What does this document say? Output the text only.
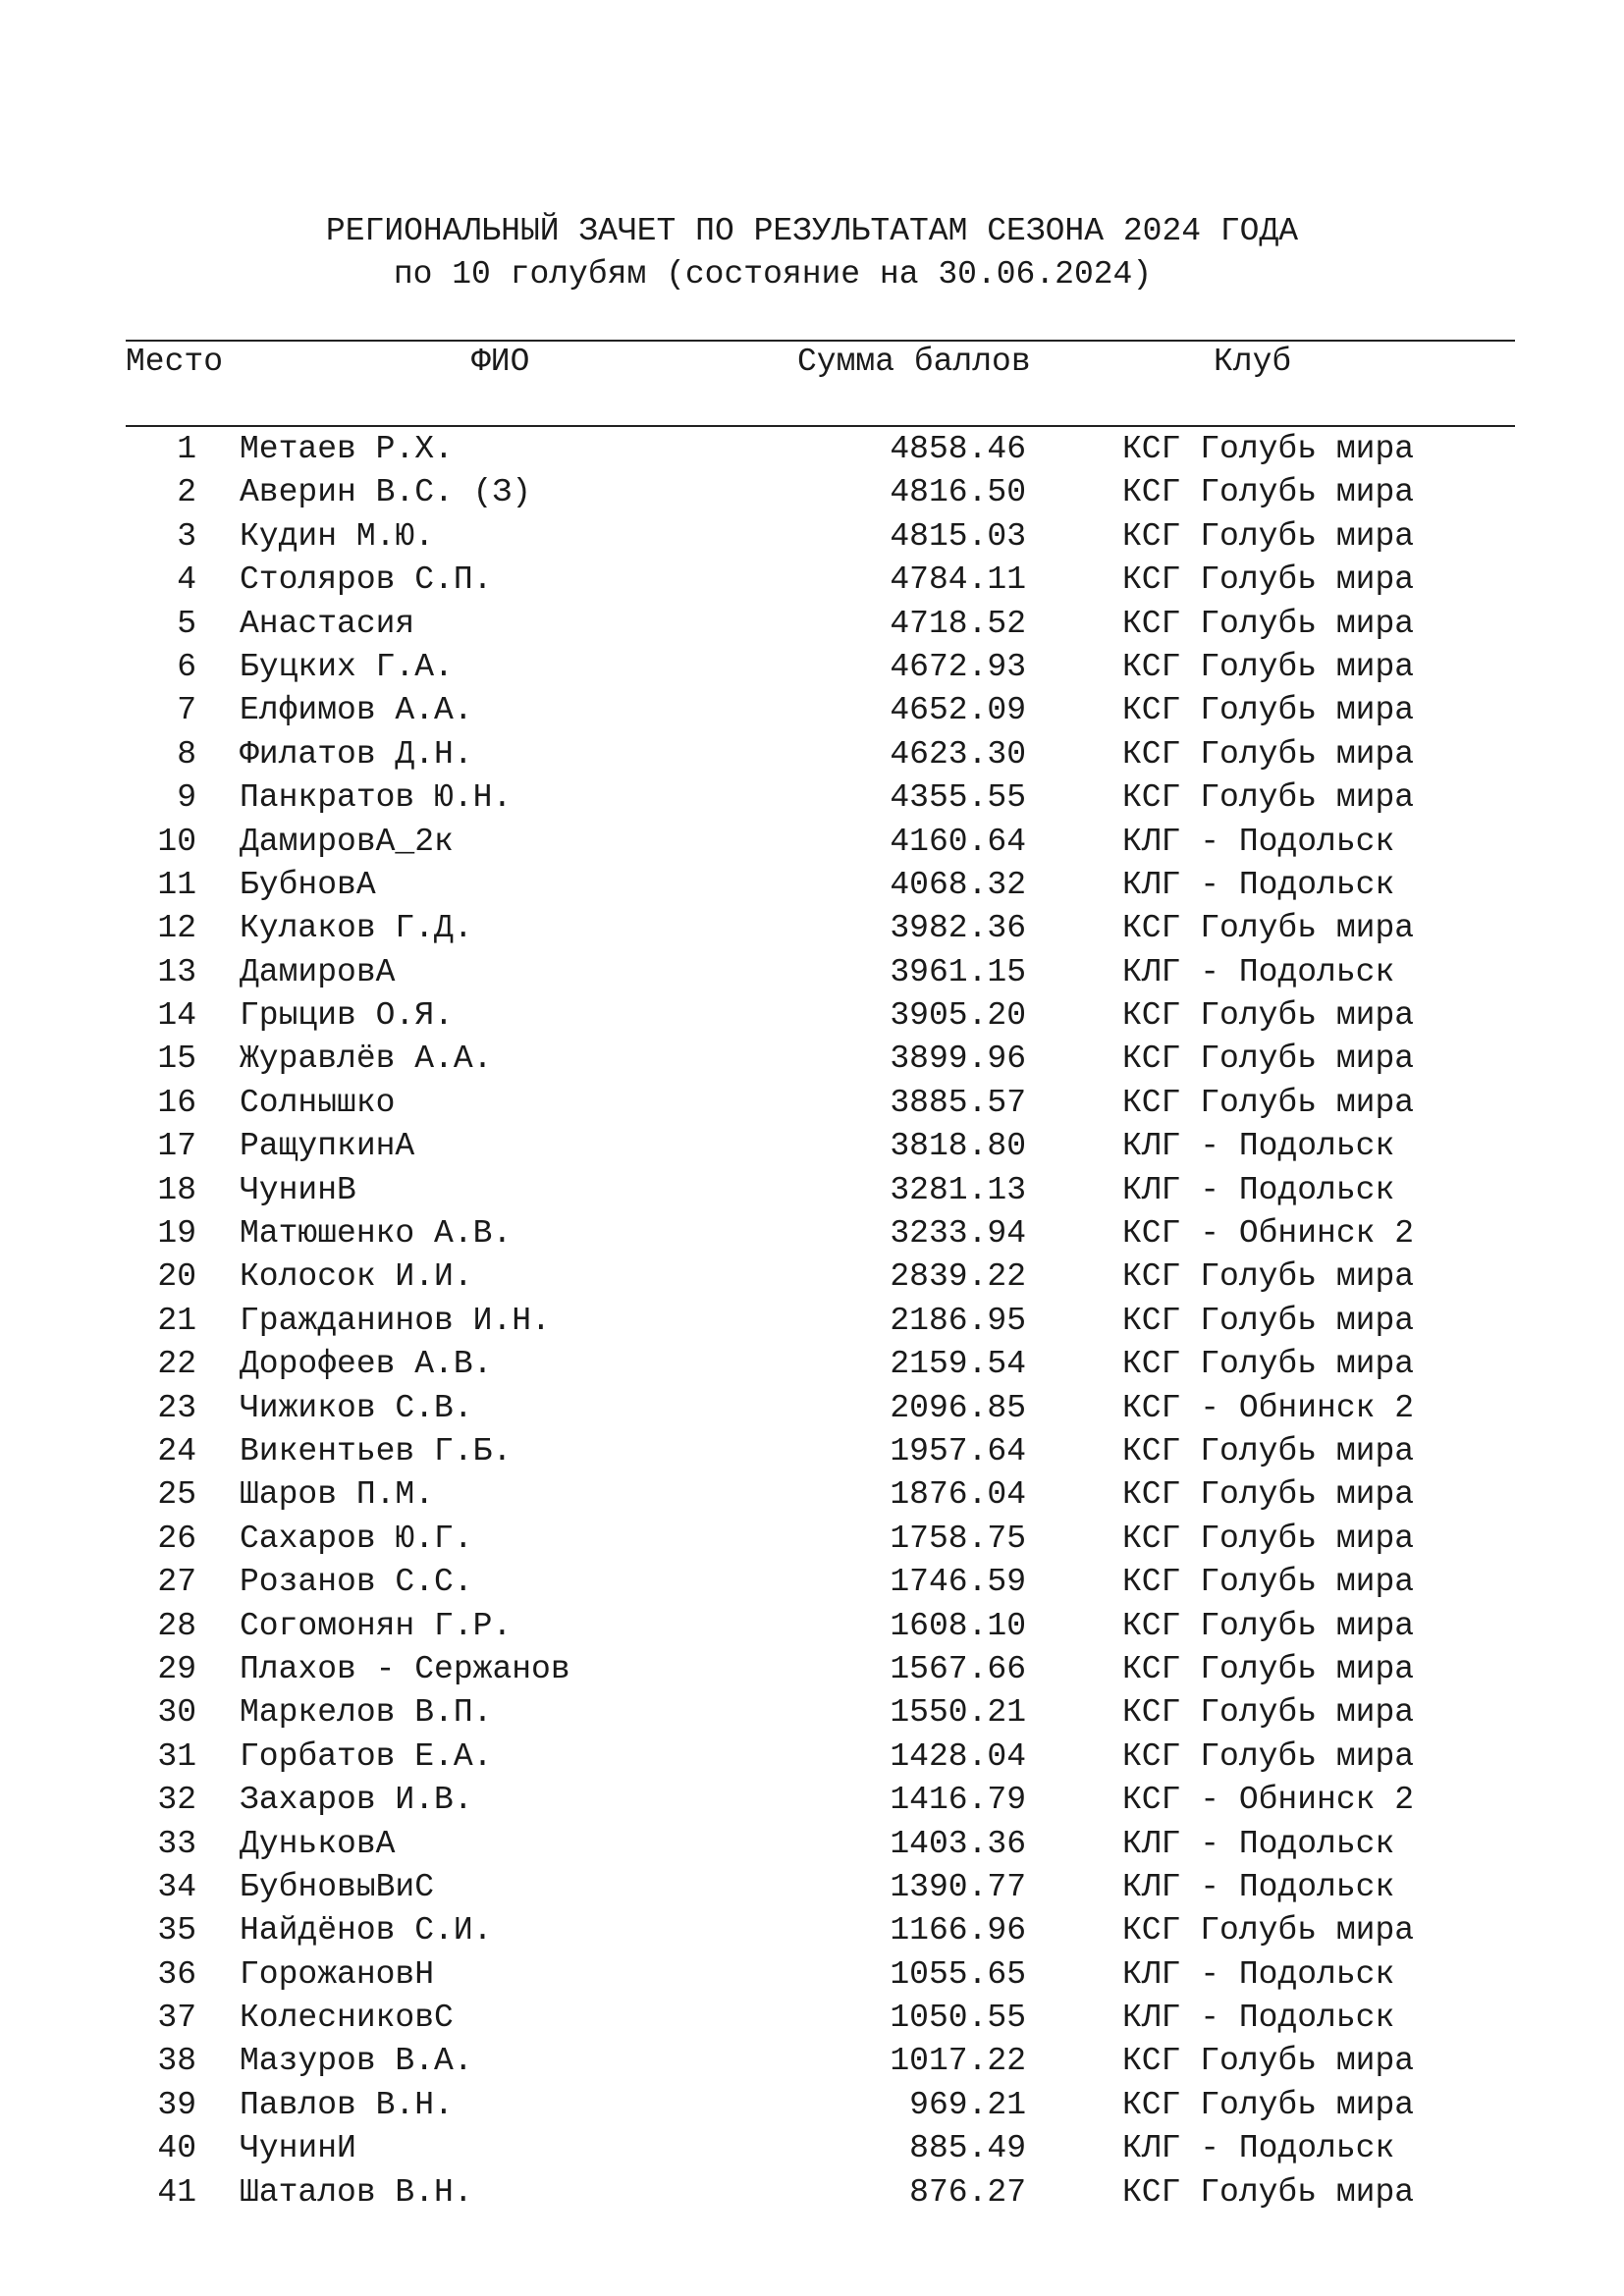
РЕГИОНАЛЬНЫЙ ЗАЧЕТ ПО РЕЗУЛЬТАТАМ СЕЗОНА 2024 ГОДА
по 10 голубям (состояние на 30.06.2024)
Место	ФИО	Сумма баллов	Клуб
1 Метаев Р.Х.	4858.46	КСГ Голубь мира
2 Аверин В.С. (З)	4816.50	КСГ Голубь мира
3 Кудин М.Ю.	4815.03	КСГ Голубь мира
4 Столяров С.П.	4784.11	КСГ Голубь мира
5 Анастасия	4718.52	КСГ Голубь мира
6 Буцких Г.А.	4672.93	КСГ Голубь мира
7 Елфимов А.А.	4652.09	КСГ Голубь мира
8 Филатов Д.Н.	4623.30	КСГ Голубь мира
9 Панкратов Ю.Н.	4355.55	КСГ Голубь мира
10 ДамировА_2к	4160.64	КЛГ - Подольск
11 БубновА	4068.32	КЛГ - Подольск
12 Кулаков Г.Д.	3982.36	КСГ Голубь мира
13 ДамировА	3961.15	КЛГ - Подольск
14 Грыцив О.Я.	3905.20	КСГ Голубь мира
15 Журавлёв А.А.	3899.96	КСГ Голубь мира
16 Солнышко	3885.57	КСГ Голубь мира
17 РащупкинА	3818.80	КЛГ - Подольск
18 ЧунинВ	3281.13	КЛГ - Подольск
19 Матюшенко А.В.	3233.94	КСГ - Обнинск 2
20 Колосок И.И.	2839.22	КСГ Голубь мира
21 Гражданинов И.Н.	2186.95	КСГ Голубь мира
22 Дорофеев А.В.	2159.54	КСГ Голубь мира
23 Чижиков С.В.	2096.85	КСГ - Обнинск 2
24 Викентьев Г.Б.	1957.64	КСГ Голубь мира
25 Шаров П.М.	1876.04	КСГ Голубь мира
26 Сахаров Ю.Г.	1758.75	КСГ Голубь мира
27 Розанов С.С.	1746.59	КСГ Голубь мира
28 Согомонян Г.Р.	1608.10	КСГ Голубь мира
29 Плахов - Сержанов	1567.66	КСГ Голубь мира
30 Маркелов В.П.	1550.21	КСГ Голубь мира
31 Горбатов Е.А.	1428.04	КСГ Голубь мира
32 Захаров И.В.	1416.79	КСГ - Обнинск 2
33 ДуньковА	1403.36	КЛГ - Подольск
34 БубновыВиС	1390.77	КЛГ - Подольск
35 Найдёнов С.И.	1166.96	КСГ Голубь мира
36 ГорожановН	1055.65	КЛГ - Подольск
37 КолесниковС	1050.55	КЛГ - Подольск
38 Мазуров В.А.	1017.22	КСГ Голубь мира
39 Павлов В.Н.	969.21	КСГ Голубь мира
40 ЧунинИ	885.49	КЛГ - Подольск
41 Шаталов В.Н.	876.27	КСГ Голубь мира
